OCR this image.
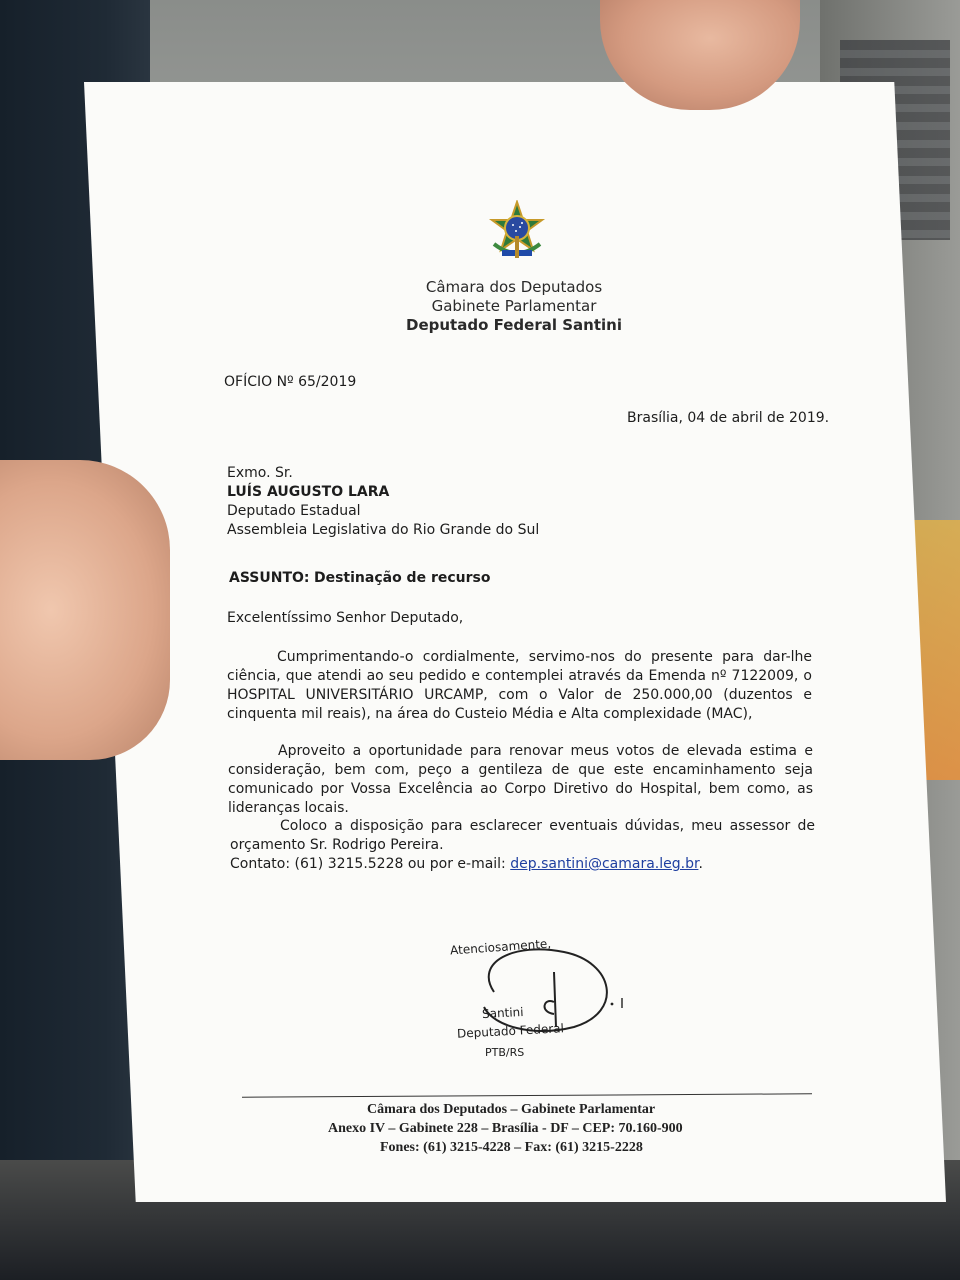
Câmara dos Deputados
Gabinete Parlamentar
Deputado Federal Santini
OFÍCIO Nº 65/2019
Brasília, 04 de abril de 2019.
Exmo. Sr.
LUÍS AUGUSTO LARA
Deputado Estadual
Assembleia Legislativa do Rio Grande do Sul
ASSUNTO: Destinação de recurso
Excelentíssimo Senhor Deputado,
Cumprimentando-o cordialmente, servimo-nos do presente para dar-lhe ciência, que atendi ao seu pedido e contemplei através da Emenda nº 7122009, o HOSPITAL UNIVERSITÁRIO URCAMP, com o Valor de 250.000,00 (duzentos e cinquenta mil reais), na área do Custeio Média e Alta complexidade (MAC),
Aproveito a oportunidade para renovar meus votos de elevada estima e consideração, bem com, peço a gentileza de que este encaminhamento seja comunicado por Vossa Excelência ao Corpo Diretivo do Hospital, bem como, as lideranças locais.
Coloco a disposição para esclarecer eventuais dúvidas, meu assessor de orçamento Sr. Rodrigo Pereira.
Contato: (61) 3215.5228 ou por e-mail: dep.santini@camara.leg.br.
Atenciosamente,
Santini
Deputado Federal
PTB/RS
Câmara dos Deputados – Gabinete Parlamentar
Anexo IV – Gabinete 228 – Brasília - DF – CEP: 70.160-900
Fones: (61) 3215-4228 – Fax: (61) 3215-2228
